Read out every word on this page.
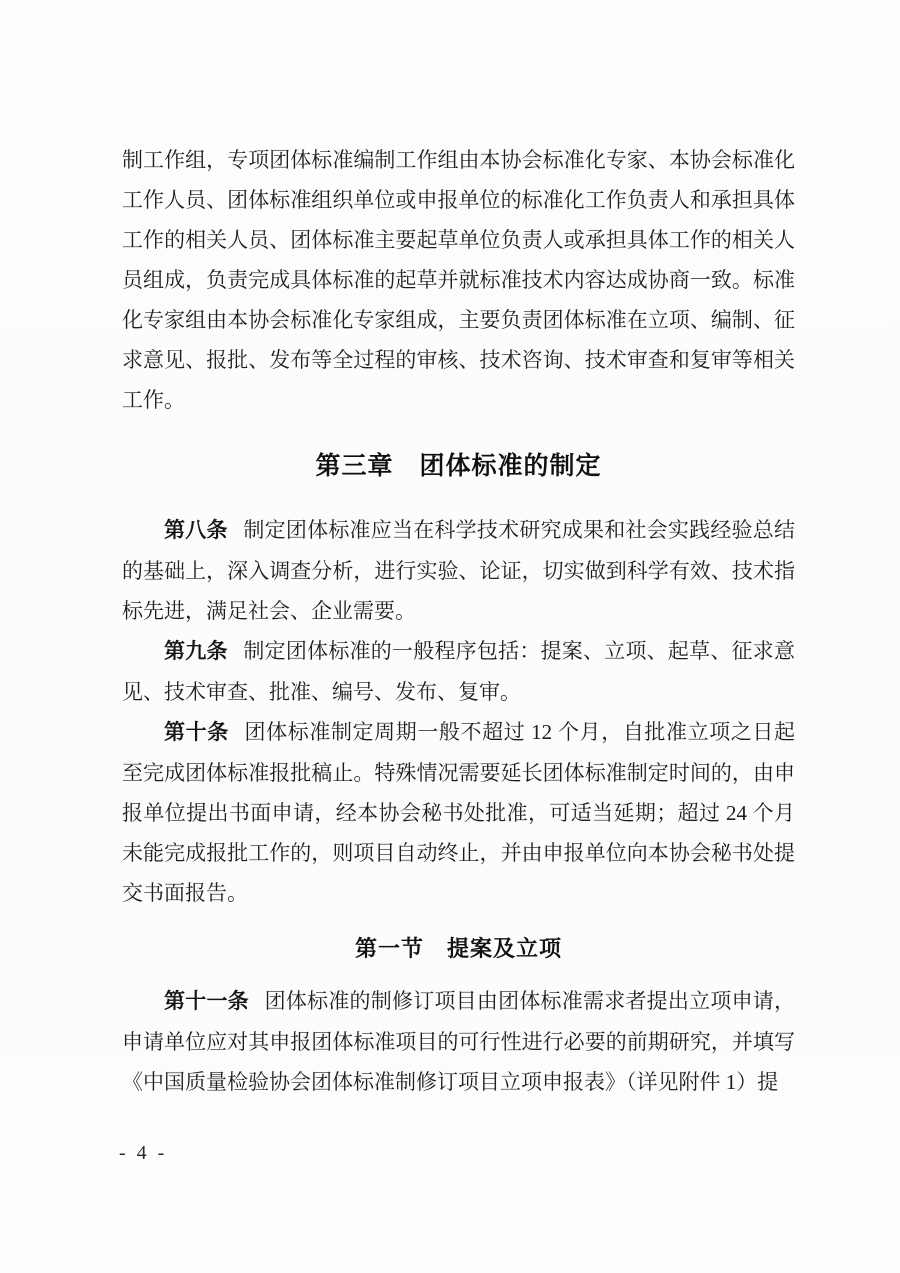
制工作组，专项团体标准编制工作组由本协会标准化专家、本协会标准化工作人员、团体标准组织单位或申报单位的标准化工作负责人和承担具体工作的相关人员、团体标准主要起草单位负责人或承担具体工作的相关人员组成，负责完成具体标准的起草并就标准技术内容达成协商一致。标准化专家组由本协会标准化专家组成，主要负责团体标准在立项、编制、征求意见、报批、发布等全过程的审核、技术咨询、技术审查和复审等相关工作。

第三章　团体标准的制定

第八条 制定团体标准应当在科学技术研究成果和社会实践经验总结的基础上，深入调查分析，进行实验、论证，切实做到科学有效、技术指标先进，满足社会、企业需要。

第九条 制定团体标准的一般程序包括：提案、立项、起草、征求意见、技术审查、批准、编号、发布、复审。

第十条 团体标准制定周期一般不超过 12 个月，自批准立项之日起至完成团体标准报批稿止。特殊情况需要延长团体标准制定时间的，由申报单位提出书面申请，经本协会秘书处批准，可适当延期；超过 24 个月未能完成报批工作的，则项目自动终止，并由申报单位向本协会秘书处提交书面报告。

第一节　提案及立项

第十一条 团体标准的制修订项目由团体标准需求者提出立项申请，申请单位应对其申报团体标准项目的可行性进行必要的前期研究，并填写《中国质量检验协会团体标准制修订项目立项申报表》（详见附件 1）提

- 4 -
